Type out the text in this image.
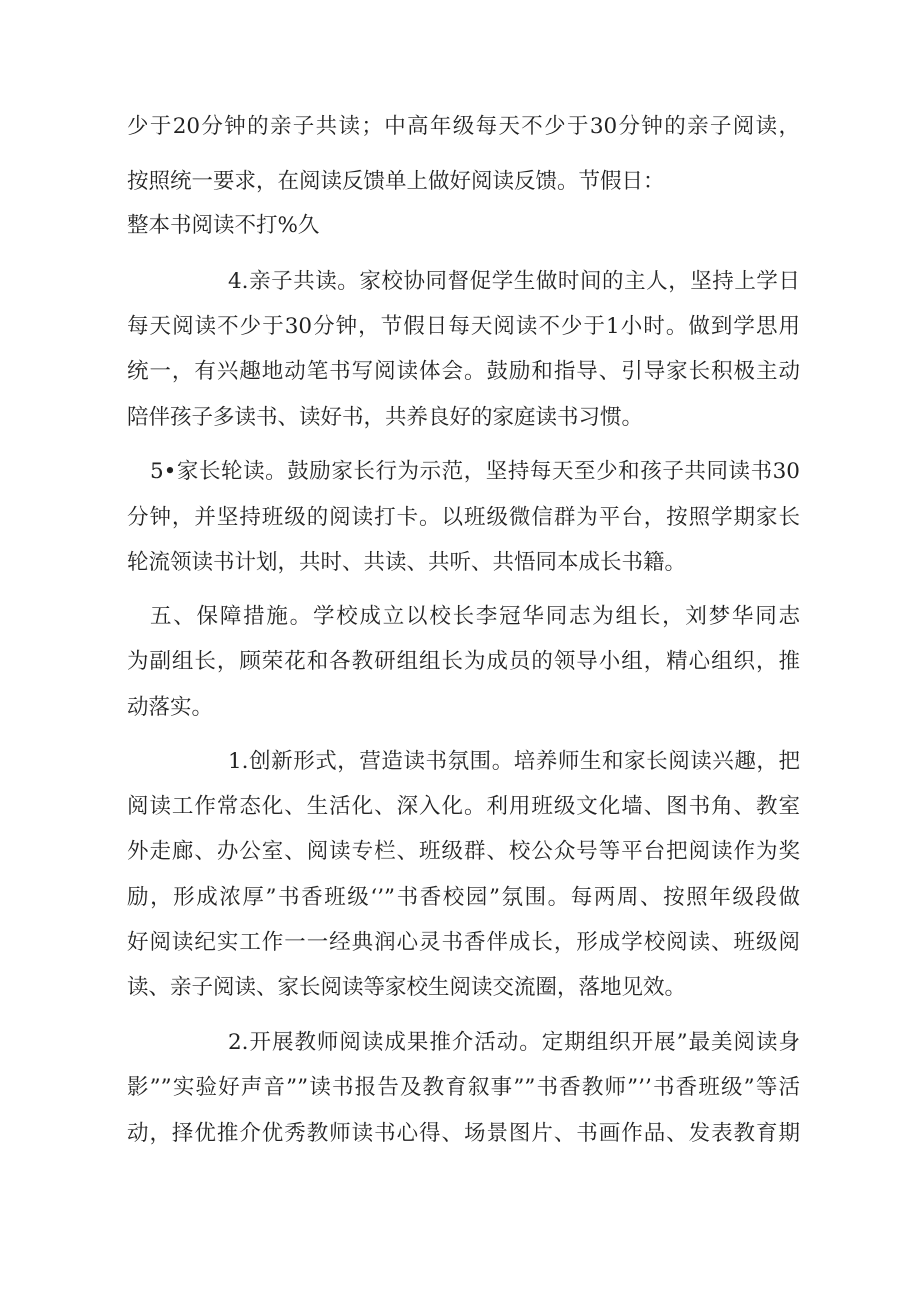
少于20分钟的亲子共读；中高年级每天不少于30分钟的亲子阅读，
按照统一要求，在阅读反馈单上做好阅读反馈。节假日：
整本书阅读不打%久
4.亲子共读。家校协同督促学生做时间的主人，坚持上学日
每天阅读不少于30分钟，节假日每天阅读不少于1小时。做到学思用
统一，有兴趣地动笔书写阅读体会。鼓励和指导、引导家长积极主动
陪伴孩子多读书、读好书，共养良好的家庭读书习惯。
5•家长轮读。鼓励家长行为示范，坚持每天至少和孩子共同读书30
分钟，并坚持班级的阅读打卡。以班级微信群为平台，按照学期家长
轮流领读书计划，共时、共读、共听、共悟同本成长书籍。
五、保障措施。学校成立以校长李冠华同志为组长，刘梦华同志
为副组长，顾荣花和各教研组组长为成员的领导小组，精心组织，推
动落实。
1.创新形式，营造读书氛围。培养师生和家长阅读兴趣，把
阅读工作常态化、生活化、深入化。利用班级文化墙、图书角、教室
外走廊、办公室、阅读专栏、班级群、校公众号等平台把阅读作为奖
励，形成浓厚”书香班级‘’”书香校园”氛围。每两周、按照年级段做
好阅读纪实工作一一经典润心灵书香伴成长，形成学校阅读、班级阅
读、亲子阅读、家长阅读等家校生阅读交流圈，落地见效。
2.开展教师阅读成果推介活动。定期组织开展”最美阅读身
影””实验好声音””读书报告及教育叙事””书香教师”’’书香班级”等活
动，择优推介优秀教师读书心得、场景图片、书画作品、发表教育期
